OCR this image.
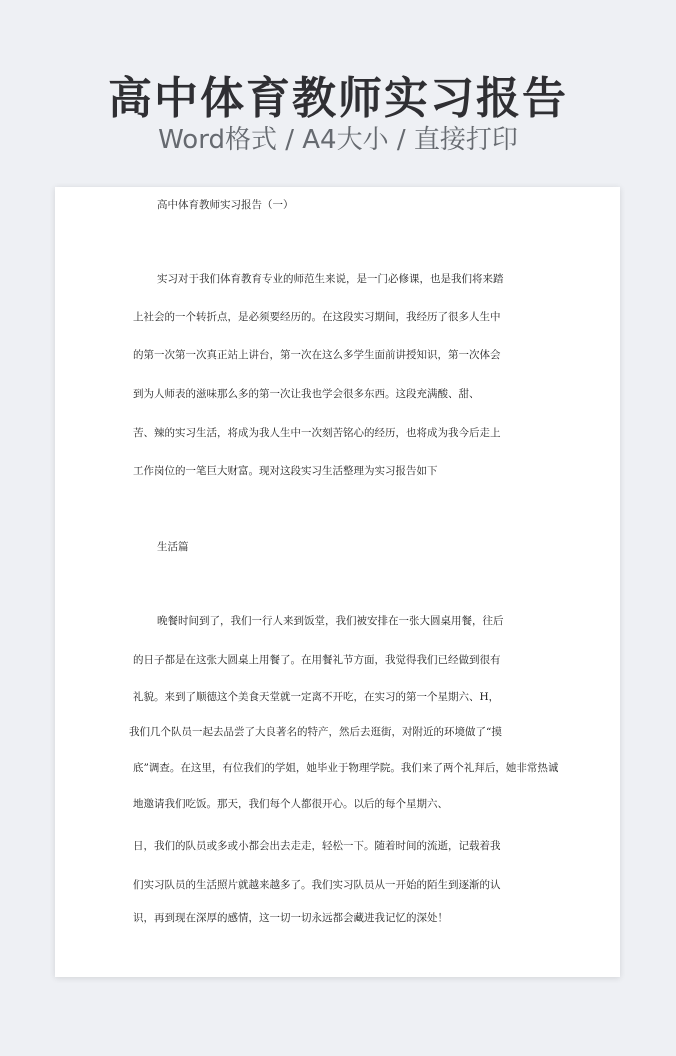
高中体育教师实习报告

Word格式 / A4大小 / 直接打印

高中体育教师实习报告（一）

实习对于我们体育教育专业的师范生来说，是一门必修课，也是我们将来踏

上社会的一个转折点，是必须要经历的。在这段实习期间，我经历了很多人生中

的第一次第一次真正站上讲台，第一次在这么多学生面前讲授知识，第一次体会

到为人师表的滋味那么多的第一次让我也学会很多东西。这段充满酸、甜、

苦、辣的实习生活，将成为我人生中一次刻苦铭心的经历，也将成为我今后走上

工作岗位的一笔巨大财富。现对这段实习生活整理为实习报告如下

生活篇

晚餐时间到了，我们一行人来到饭堂，我们被安排在一张大圆桌用餐，往后

的日子都是在这张大圆桌上用餐了。在用餐礼节方面，我觉得我们已经做到很有

礼貌。来到了顺德这个美食天堂就一定离不开吃，在实习的第一个星期六、H，

我们几个队员一起去品尝了大良著名的特产，然后去逛街，对附近的环境做了“摸

底”调查。在这里，有位我们的学姐，她毕业于物理学院。我们来了两个礼拜后，她非常热诚

地邀请我们吃饭。那天，我们每个人都很开心。以后的每个星期六、

日，我们的队员或多或小都会出去走走，轻松一下。随着时间的流逝，记载着我

们实习队员的生活照片就越来越多了。我们实习队员从一开始的陌生到逐渐的认

识，再到现在深厚的感情，这一切一切永远都会藏进我记忆的深处！
